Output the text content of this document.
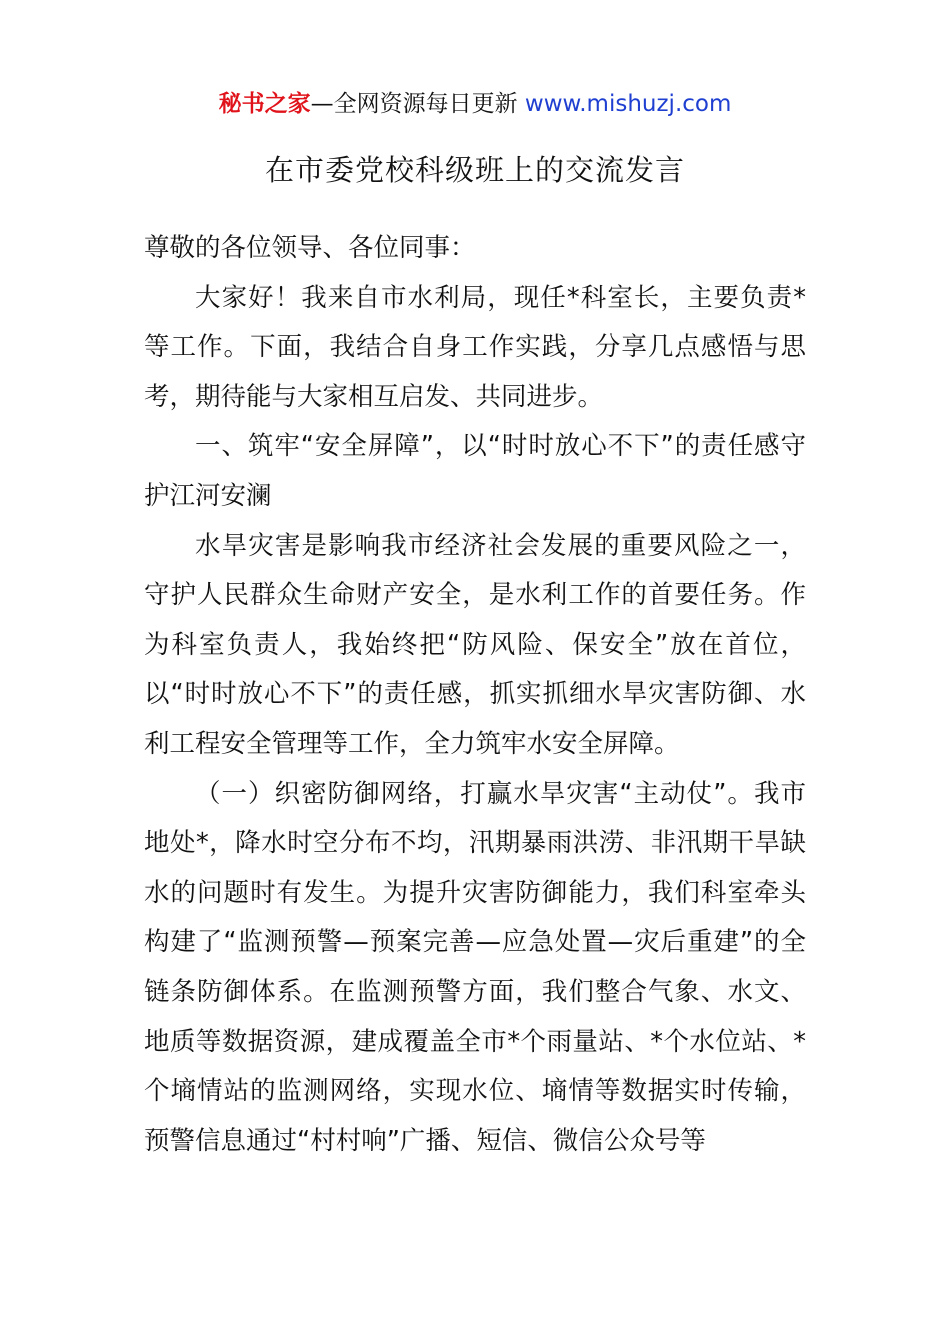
秘书之家—全网资源每日更新 www.mishuzj.com
在市委党校科级班上的交流发言

尊敬的各位领导、各位同事：

大家好！我来自市水利局，现任*科室长，主要负责*等工作。下面，我结合自身工作实践，分享几点感悟与思考，期待能与大家相互启发、共同进步。

一、筑牢“安全屏障”，以“时时放心不下”的责任感守护江河安澜

水旱灾害是影响我市经济社会发展的重要风险之一，守护人民群众生命财产安全，是水利工作的首要任务。作为科室负责人，我始终把“防风险、保安全”放在首位，以“时时放心不下”的责任感，抓实抓细水旱灾害防御、水利工程安全管理等工作，全力筑牢水安全屏障。

（一）织密防御网络，打赢水旱灾害“主动仗”。我市地处*，降水时空分布不均，汛期暴雨洪涝、非汛期干旱缺水的问题时有发生。为提升灾害防御能力，我们科室牵头构建了“监测预警—预案完善—应急处置—灾后重建”的全链条防御体系。在监测预警方面，我们整合气象、水文、地质等数据资源，建成覆盖全市*个雨量站、*个水位站、*个墒情站的监测网络，实现水位、墒情等数据实时传输，预警信息通过“村村响”广播、短信、微信公众号等
